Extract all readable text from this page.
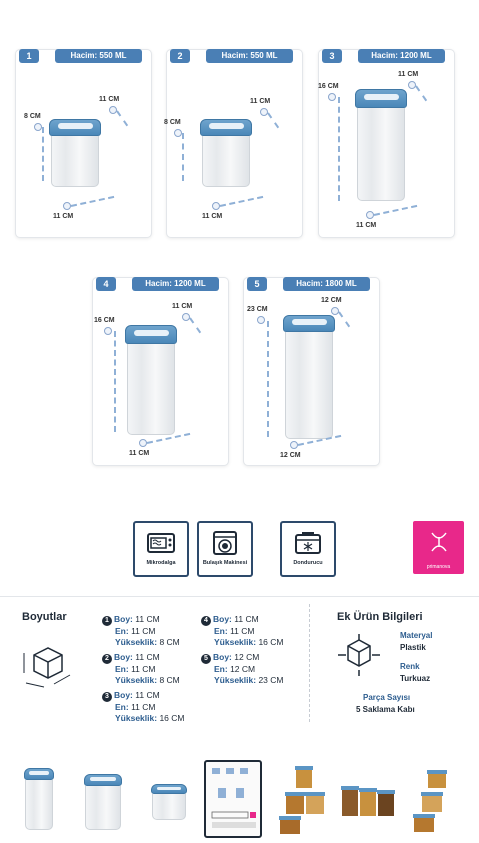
1	Hacim: 550 ML
8 CM
11 CM
11 CM
2	Hacim: 550 ML
8 CM
11 CM
11 CM
3	Hacim: 1200 ML
16 CM
11 CM
11 CM
4	Hacim: 1200 ML
16 CM
11 CM
11 CM
5	Hacim: 1800 ML
23 CM
12 CM
12 CM
Mikrodalga	Bulaşık Makinesi	Dondurucu
primanova
Boyutlar	1 Boy: 11 CM
En: 11 CM
Yükseklik: 8 CM
2 Boy: 11 CM
En: 11 CM
Yükseklik: 8 CM
3 Boy: 11 CM
En: 11 CM
Yükseklik: 16 CM
4 Boy: 11 CM
En: 11 CM
Yükseklik: 16 CM
5 Boy: 12 CM
En: 12 CM
Yükseklik: 23 CM
Ek Ürün Bilgileri
Materyal
Plastik
Renk
Turkuaz
Parça Sayısı
5 Saklama Kabı
